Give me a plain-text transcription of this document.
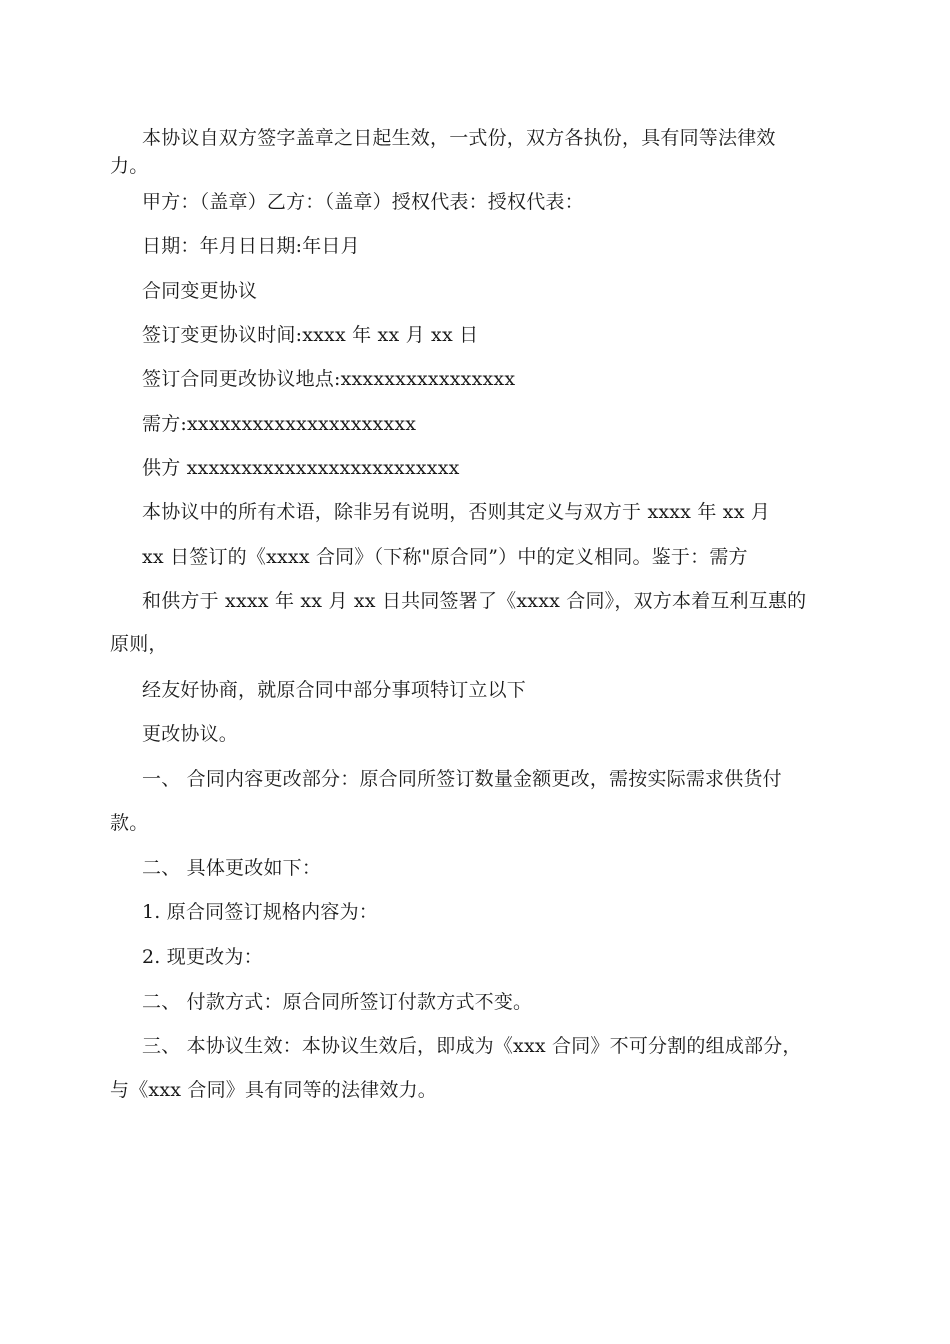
本协议自双方签字盖章之日起生效，一式份，双方各执份，具有同等法律效
力。
甲方：（盖章）乙方：（盖章）授权代表：授权代表：
日期：年月日日期:年日月
合同变更协议
签订变更协议时间:xxxx 年 xx 月 xx 日
签订合同更改协议地点:xxxxxxxxxxxxxxxx
需方:xxxxxxxxxxxxxxxxxxxxx
供方 xxxxxxxxxxxxxxxxxxxxxxxxx
本协议中的所有术语，除非另有说明，否则其定义与双方于 xxxx 年 xx 月
xx 日签订的《xxxx 合同》（下称"原合同”）中的定义相同。鉴于：需方
和供方于 xxxx 年 xx 月 xx 日共同签署了《xxxx 合同》，双方本着互利互惠的
原则，
经友好协商，就原合同中部分事项特订立以下
更改协议。
一、 合同内容更改部分：原合同所签订数量金额更改，需按实际需求供货付
款。
二、 具体更改如下：
1. 原合同签订规格内容为：
2. 现更改为：
二、 付款方式：原合同所签订付款方式不变。
三、 本协议生效：本协议生效后，即成为《xxx 合同》不可分割的组成部分，
与《xxx 合同》具有同等的法律效力。
